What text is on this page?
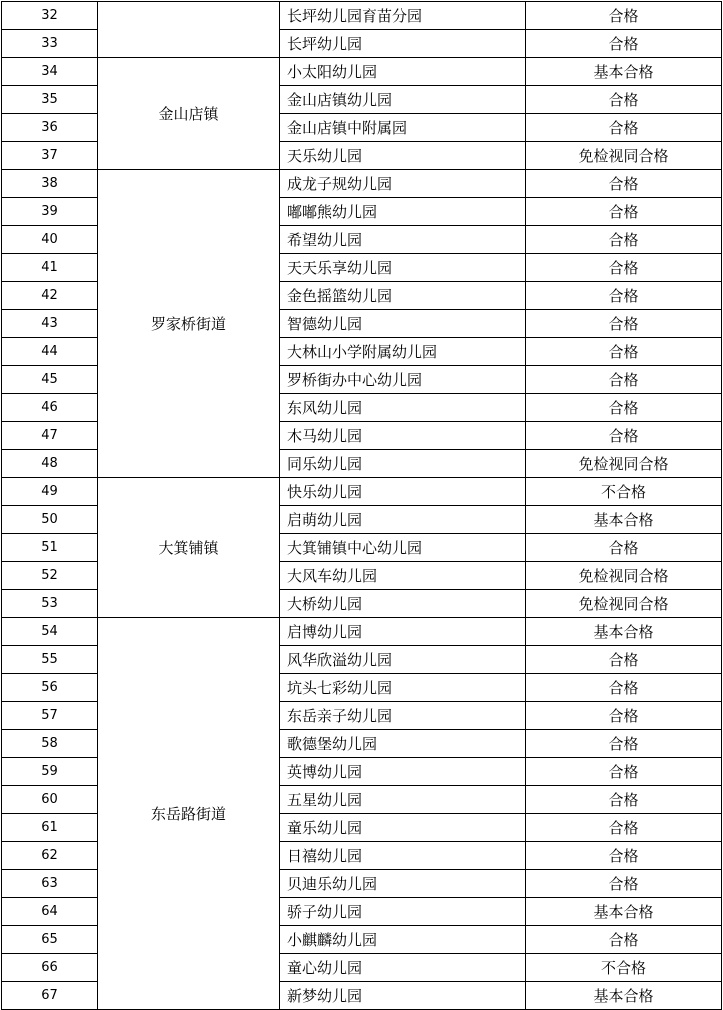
32		长坪幼儿园育苗分园	合格
33		长坪幼儿园	合格
34	金山店镇	小太阳幼儿园	基本合格
35		金山店镇幼儿园	合格
36		金山店镇中附属园	合格
37		天乐幼儿园	免检视同合格
38	罗家桥街道	成龙子规幼儿园	合格
39		嘟嘟熊幼儿园	合格
40		希望幼儿园	合格
41		天天乐享幼儿园	合格
42		金色摇篮幼儿园	合格
43		智德幼儿园	合格
44		大林山小学附属幼儿园	合格
45		罗桥街办中心幼儿园	合格
46		东风幼儿园	合格
47		木马幼儿园	合格
48		同乐幼儿园	免检视同合格
49	大箕铺镇	快乐幼儿园	不合格
50		启萌幼儿园	基本合格
51		大箕铺镇中心幼儿园	合格
52		大风车幼儿园	免检视同合格
53		大桥幼儿园	免检视同合格
54	东岳路街道	启博幼儿园	基本合格
55		风华欣溢幼儿园	合格
56		坑头七彩幼儿园	合格
57		东岳亲子幼儿园	合格
58		歌德堡幼儿园	合格
59		英博幼儿园	合格
60		五星幼儿园	合格
61		童乐幼儿园	合格
62		日禧幼儿园	合格
63		贝迪乐幼儿园	合格
64		骄子幼儿园	基本合格
65		小麒麟幼儿园	合格
66		童心幼儿园	不合格
67		新梦幼儿园	基本合格
